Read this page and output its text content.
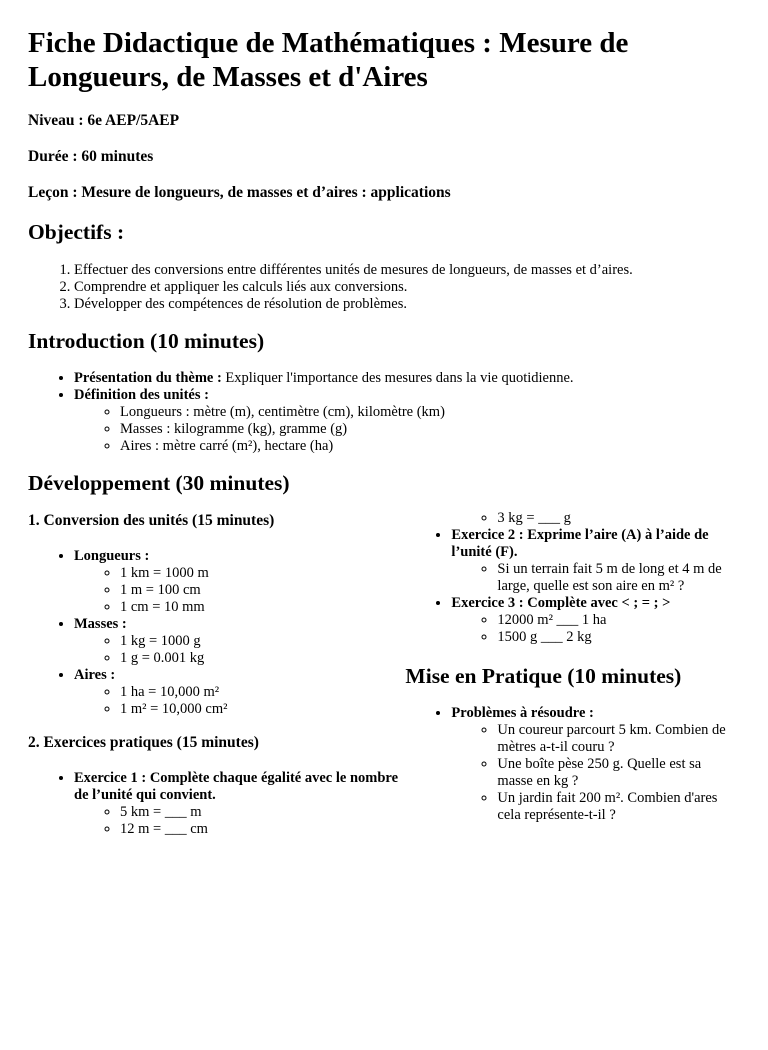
Fiche Didactique de Mathématiques : Mesure de Longueurs, de Masses et d'Aires

Niveau : 6e AEP/5AEP

Durée : 60 minutes

Leçon : Mesure de longueurs, de masses et d’aires : applications

Objectifs :
1. Effectuer des conversions entre différentes unités de mesures de longueurs, de masses et d’aires.
2. Comprendre et appliquer les calculs liés aux conversions.
3. Développer des compétences de résolution de problèmes.
Introduction (10 minutes)
• Présentation du thème : Expliquer l'importance des mesures dans la vie quotidienne.
• Définition des unités :
◦ Longueurs : mètre (m), centimètre (cm), kilomètre (km)
◦ Masses : kilogramme (kg), gramme (g)
◦ Aires : mètre carré (m²), hectare (ha)
Développement (30 minutes)
1. Conversion des unités (15 minutes)
• Longueurs :
◦ 1 km = 1000 m
◦ 1 m = 100 cm
◦ 1 cm = 10 mm
• Masses :
◦ 1 kg = 1000 g
◦ 1 g = 0.001 kg
• Aires :
◦ 1 ha = 10,000 m²
◦ 1 m² = 10,000 cm²
2. Exercices pratiques (15 minutes)
• Exercice 1 : Complète chaque égalité avec le nombre de l’unité qui convient.
◦ 5 km = ___ m
◦ 12 m = ___ cm
◦ 3 kg = ___ g
• Exercice 2 : Exprime l’aire (A) à l’aide de l’unité (F).
◦ Si un terrain fait 5 m de long et 4 m de large, quelle est son aire en m² ?
• Exercice 3 : Complète avec < ; = ; >
◦ 12000 m² ___ 1 ha
◦ 1500 g ___ 2 kg
Mise en Pratique (10 minutes)
• Problèmes à résoudre :
◦ Un coureur parcourt 5 km. Combien de mètres a-t-il couru ?
◦ Une boîte pèse 250 g. Quelle est sa masse en kg ?
◦ Un jardin fait 200 m². Combien d'ares cela représente-t-il ?
